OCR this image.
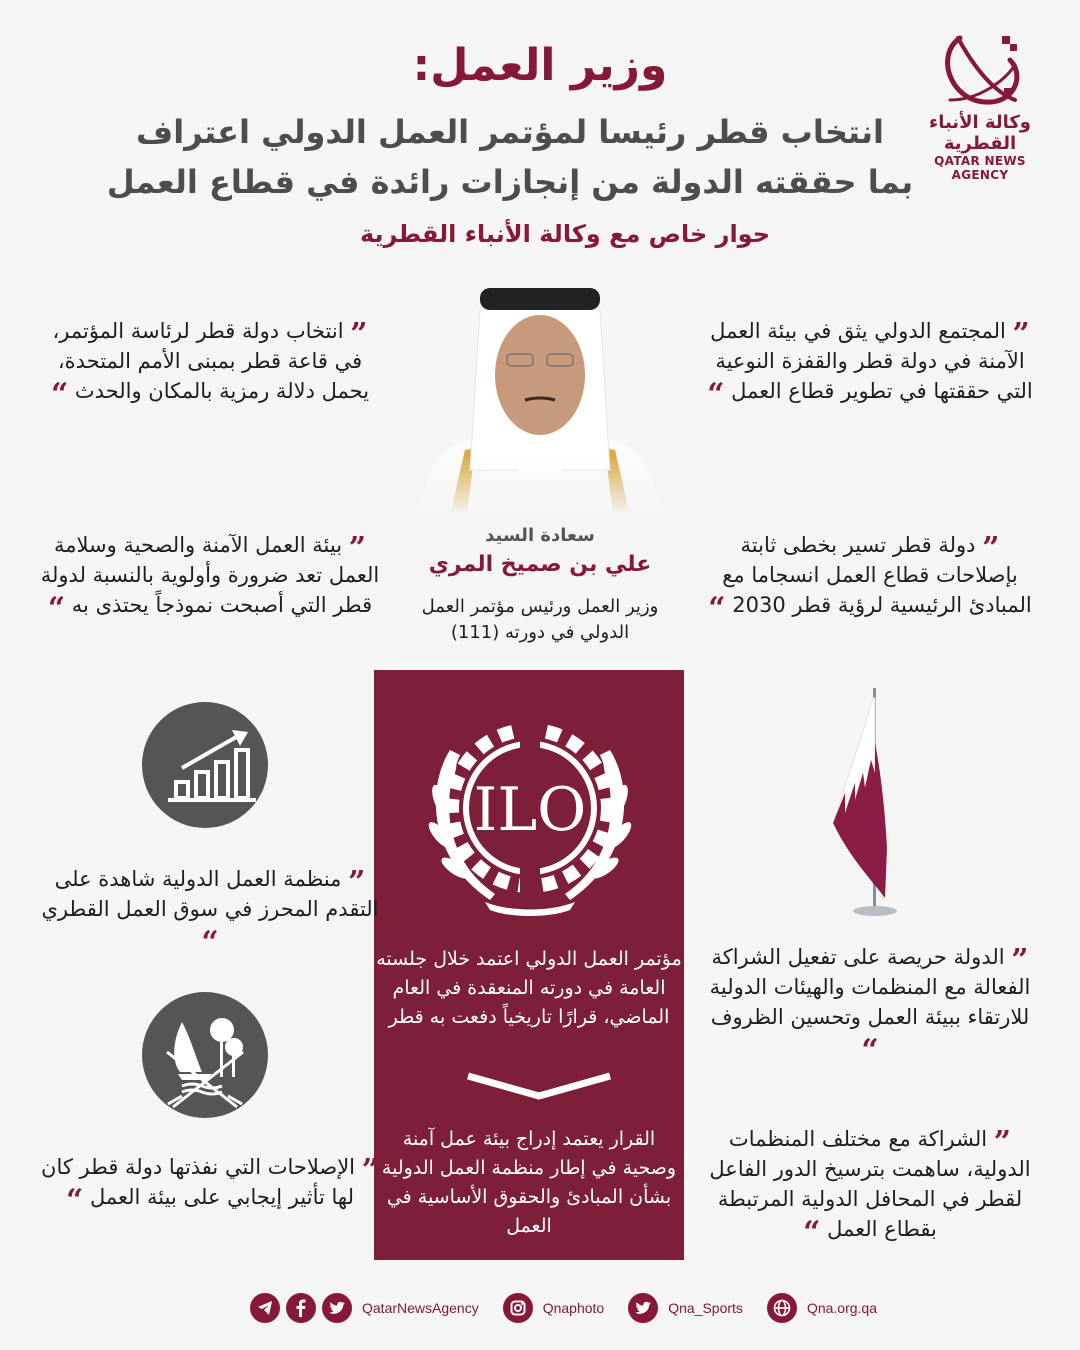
وزير العمل:
انتخاب قطر رئيسا لمؤتمر العمل الدولي اعتراف
بما حققته الدولة من إنجازات رائدة في قطاع العمل
حوار خاص مع وكالة الأنباء القطرية
وكالة الأنباء القطرية
QATAR NEWS AGENCY
” انتخاب دولة قطر لرئاسة المؤتمر، في قاعة قطر بمبنى الأمم المتحدة، يحمل دلالة رمزية بالمكان والحدث “
” المجتمع الدولي يثق في بيئة العمل الآمنة في دولة قطر والقفزة النوعية التي حققتها في تطوير قطاع العمل “
سعادة السيد
علي بن صميخ المري
وزير العمل ورئيس مؤتمر العمل
الدولي في دورته (111)
” بيئة العمل الآمنة والصحية وسلامة العمل تعد ضرورة وأولوية بالنسبة لدولة قطر التي أصبحت نموذجاً يحتذى به “
” دولة قطر تسير بخطى ثابتة بإصلاحات قطاع العمل انسجاما مع المبادئ الرئيسية لرؤية قطر 2030 “
ILO
مؤتمر العمل الدولي اعتمد خلال جلسته العامة في دورته المنعقدة في العام الماضي، قرارًا تاريخياً دفعت به قطر
القرار يعتمد إدراج بيئة عمل آمنة وصحية في إطار منظمة العمل الدولية بشأن المبادئ والحقوق الأساسية في العمل
” منظمة العمل الدولية شاهدة على التقدم المحرز في سوق العمل القطري “
” الإصلاحات التي نفذتها دولة قطر كان لها تأثير إيجابي على بيئة العمل “
” الدولة حريصة على تفعيل الشراكة الفعالة مع المنظمات والهيئات الدولية للارتقاء ببيئة العمل وتحسين الظروف “
” الشراكة مع مختلف المنظمات الدولية، ساهمت بترسيخ الدور الفاعل لقطر في المحافل الدولية المرتبطة بقطاع العمل “
QatarNewsAgency	Qnaphoto	Qna_Sports	Qna.org.qa
